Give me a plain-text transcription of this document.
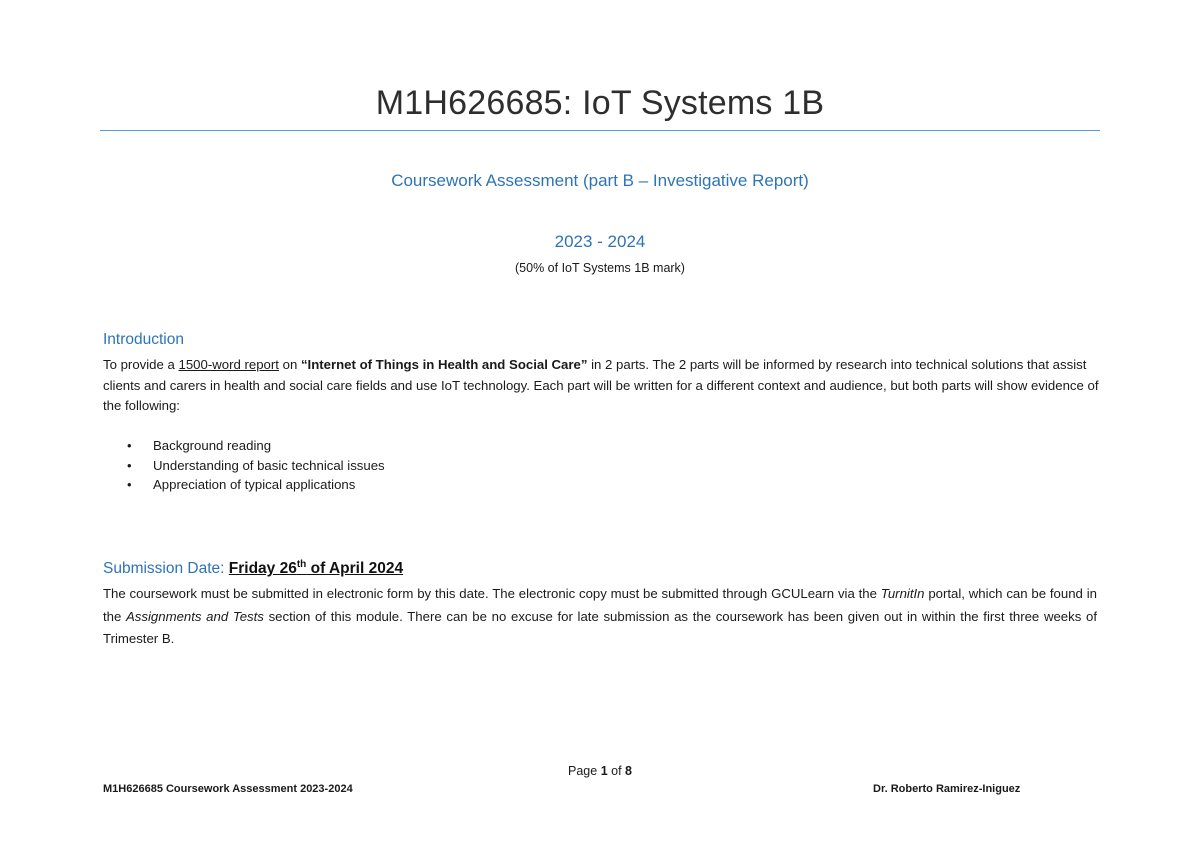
M1H626685: IoT Systems 1B
Coursework Assessment (part B – Investigative Report)
2023 - 2024
(50% of IoT Systems 1B mark)
Introduction
To provide a 1500-word report on “Internet of Things in Health and Social Care” in 2 parts. The 2 parts will be informed by research into technical solutions that assist clients and carers in health and social care fields and use IoT technology. Each part will be written for a different context and audience, but both parts will show evidence of the following:
• Background reading
• Understanding of basic technical issues
• Appreciation of typical applications
Submission Date: Friday 26th of April 2024
The coursework must be submitted in electronic form by this date. The electronic copy must be submitted through GCULearn via the TurnitIn portal, which can be found in the Assignments and Tests section of this module. There can be no excuse for late submission as the coursework has been given out in within the first three weeks of Trimester B.
Page 1 of 8
M1H626685 Coursework Assessment 2023-2024	Dr. Roberto Ramirez-Iniguez
